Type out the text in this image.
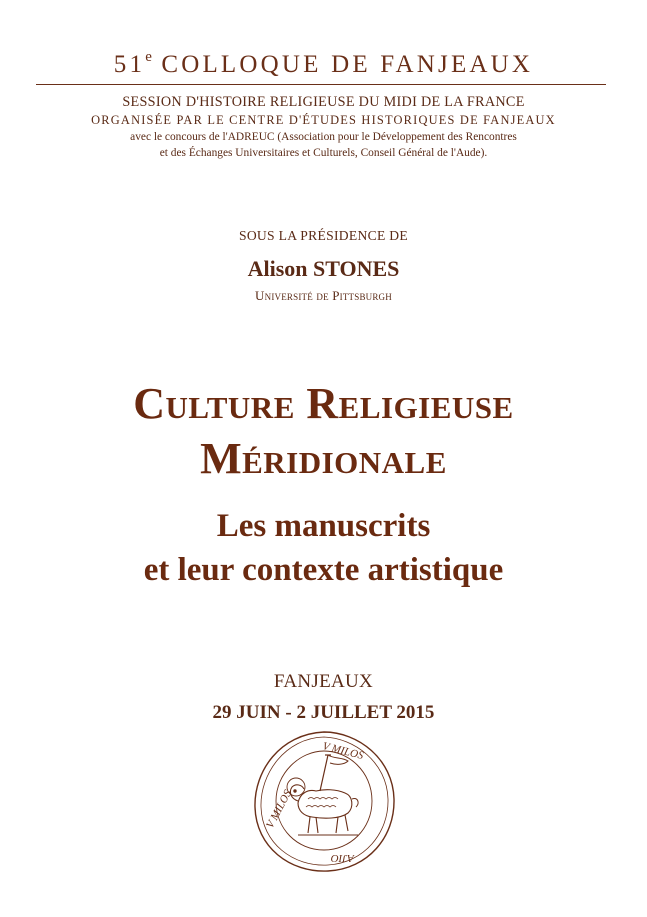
51e COLLOQUE DE FANJEAUX
SESSION D'HISTOIRE RELIGIEUSE DU MIDI DE LA FRANCE
ORGANISÉE PAR LE CENTRE D'ÉTUDES HISTORIQUES DE FANJEAUX
avec le concours de l'ADREUC (Association pour le Développement des Rencontres
et des Échanges Universitaires et Culturels, Conseil Général de l'Aude).
SOUS LA PRÉSIDENCE DE
Alison STONES
Université de Pittsburgh
Culture Religieuse
Méridionale
Les manuscrits
et leur contexte artistique
FANJEAUX
29 JUIN - 2 JUILLET 2015
V MILOS
V MILOS
AJIO
